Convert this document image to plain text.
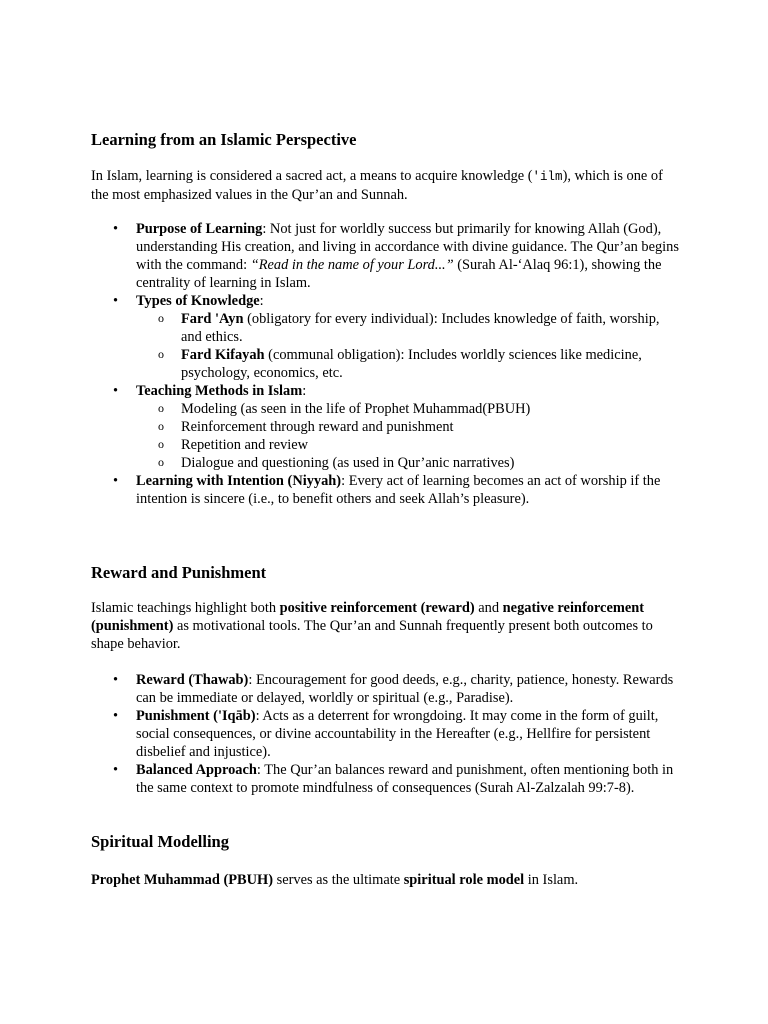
Learning from an Islamic Perspective

In Islam, learning is considered a sacred act, a means to acquire knowledge ('ilm), which is one of the most emphasized values in the Qur’an and Sunnah.

• Purpose of Learning: Not just for worldly success but primarily for knowing Allah (God), understanding His creation, and living in accordance with divine guidance. The Qur’an begins with the command: “Read in the name of your Lord...” (Surah Al-‘Alaq 96:1), showing the centrality of learning in Islam.
• Types of Knowledge:
o Fard 'Ayn (obligatory for every individual): Includes knowledge of faith, worship, and ethics.
o Fard Kifayah (communal obligation): Includes worldly sciences like medicine, psychology, economics, etc.
• Teaching Methods in Islam:
o Modeling (as seen in the life of Prophet Muhammad(PBUH)
o Reinforcement through reward and punishment
o Repetition and review
o Dialogue and questioning (as used in Qur’anic narratives)
• Learning with Intention (Niyyah): Every act of learning becomes an act of worship if the intention is sincere (i.e., to benefit others and seek Allah’s pleasure).
Reward and Punishment

Islamic teachings highlight both positive reinforcement (reward) and negative reinforcement (punishment) as motivational tools. The Qur’an and Sunnah frequently present both outcomes to shape behavior.

• Reward (Thawab): Encouragement for good deeds, e.g., charity, patience, honesty. Rewards can be immediate or delayed, worldly or spiritual (e.g., Paradise).
• Punishment ('Iqāb): Acts as a deterrent for wrongdoing. It may come in the form of guilt, social consequences, or divine accountability in the Hereafter (e.g., Hellfire for persistent disbelief and injustice).
• Balanced Approach: The Qur’an balances reward and punishment, often mentioning both in the same context to promote mindfulness of consequences (Surah Al-Zalzalah 99:7-8).
Spiritual Modelling

Prophet Muhammad (PBUH) serves as the ultimate spiritual role model in Islam.
